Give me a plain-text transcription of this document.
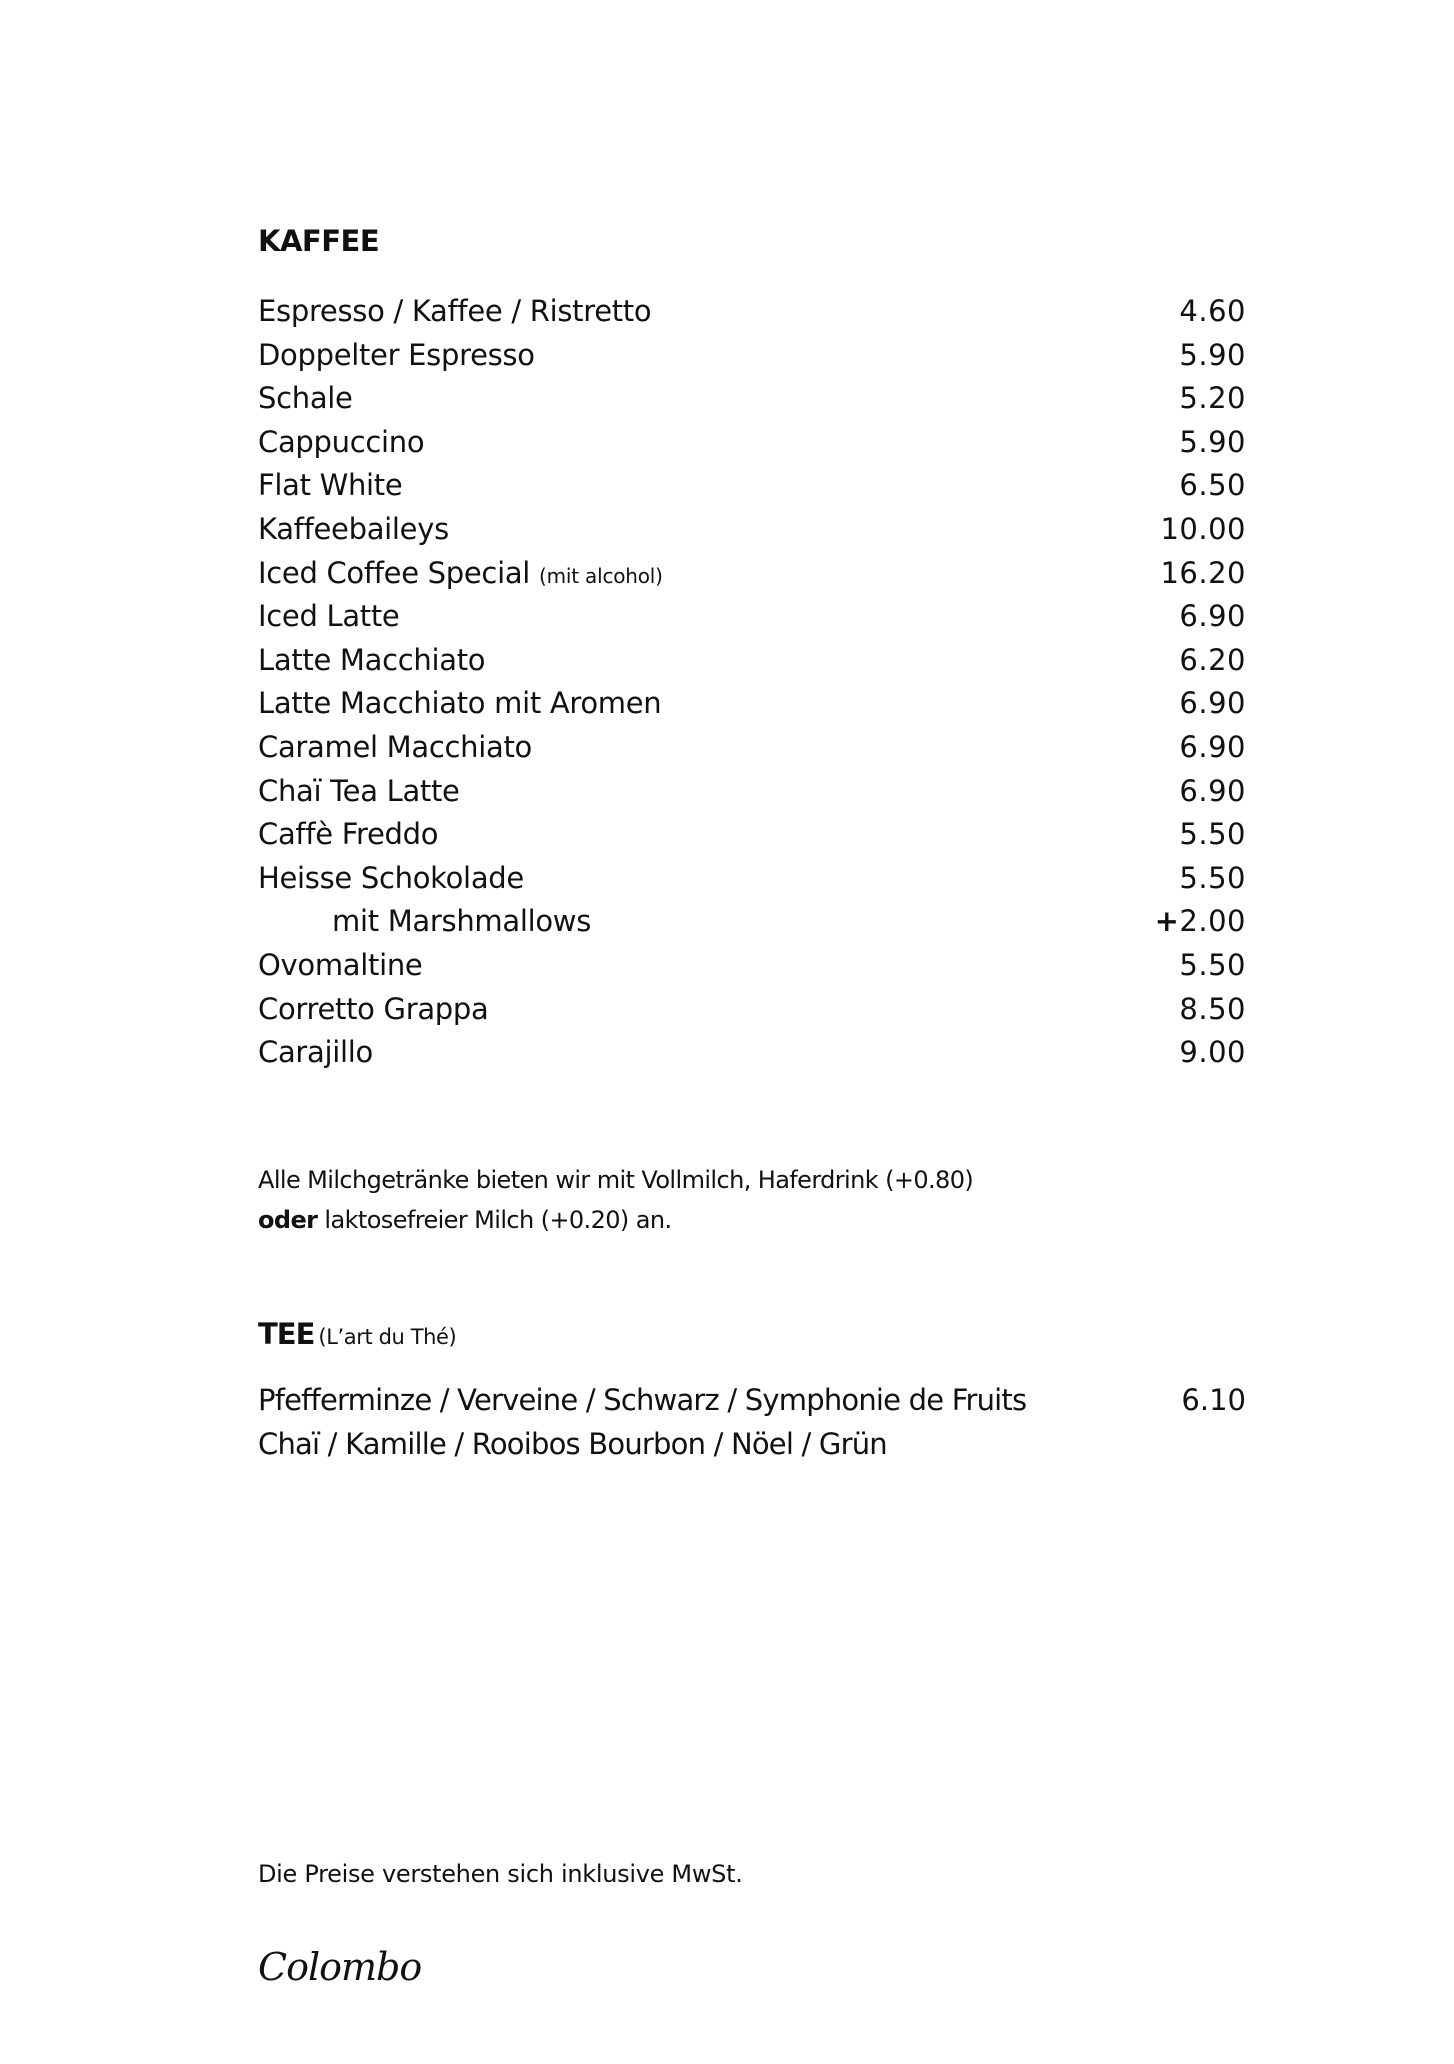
KAFFEE
Espresso / Kaffee / Ristretto	4.60
Doppelter Espresso	5.90
Schale	5.20
Cappuccino	5.90
Flat White	6.50
Kaffeebaileys	10.00
Iced Coffee Special (mit alcohol)	16.20
Iced Latte	6.90
Latte Macchiato	6.20
Latte Macchiato mit Aromen	6.90
Caramel Macchiato	6.90
Chaï Tea Latte	6.90
Caffè Freddo	5.50
Heisse Schokolade	5.50
mit Marshmallows	+2.00
Ovomaltine	5.50
Corretto Grappa	8.50
Carajillo	9.00
Alle Milchgetränke bieten wir mit Vollmilch, Haferdrink (+0.80)
oder laktosefreier Milch (+0.20) an.
TEE (L’art du Thé)
Pfefferminze / Verveine / Schwarz / Symphonie de Fruits	6.10
Chaï / Kamille / Rooibos Bourbon / Nöel / Grün
Die Preise verstehen sich inklusive MwSt.
Colombo
